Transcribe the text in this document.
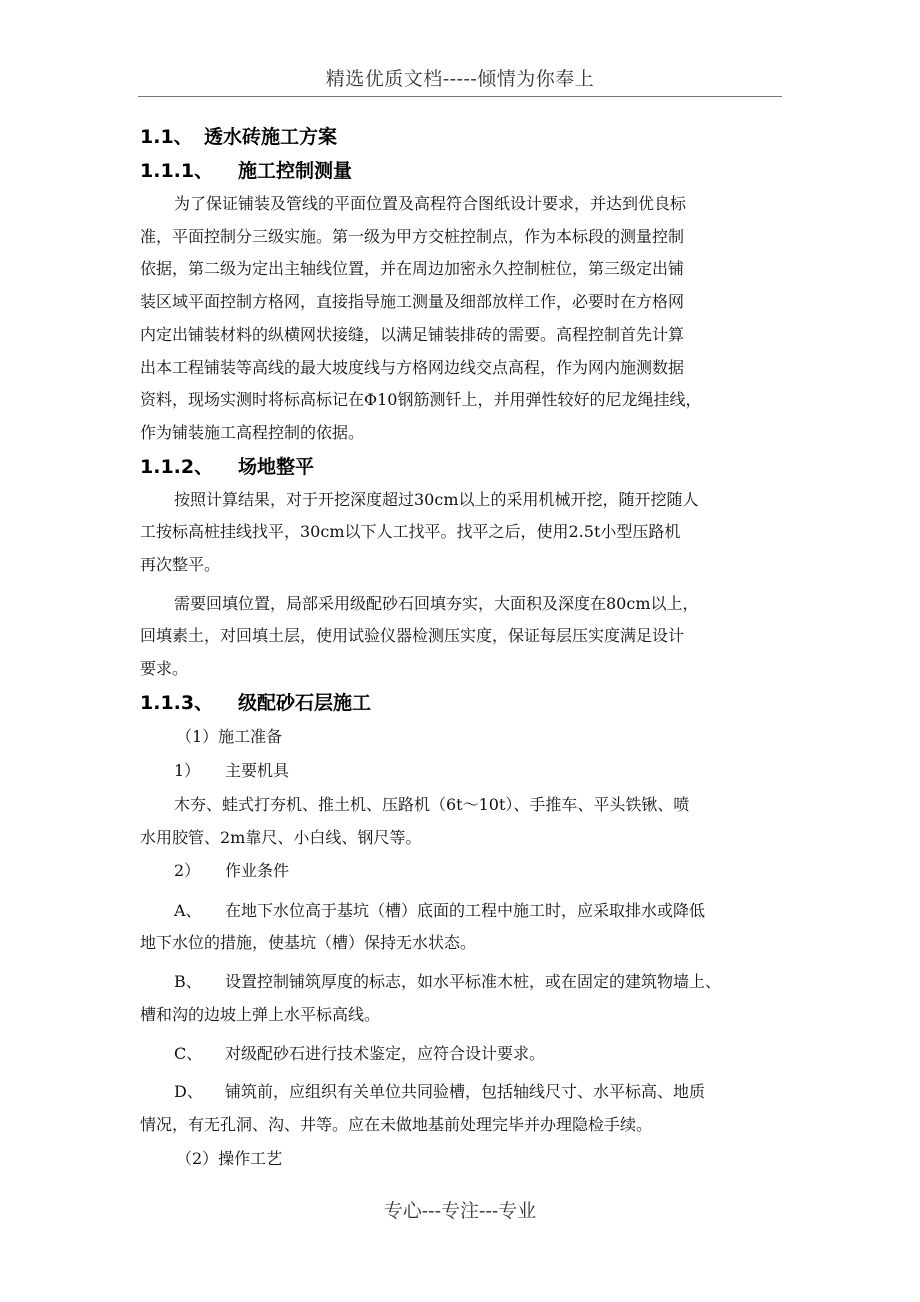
精选优质文档-----倾情为你奉上
1.1、 透水砖施工方案
1.1.1、	施工控制测量
为了保证铺装及管线的平面位置及高程符合图纸设计要求，并达到优良标
准，平面控制分三级实施。第一级为甲方交桩控制点，作为本标段的测量控制
依据，第二级为定出主轴线位置，并在周边加密永久控制桩位，第三级定出铺
装区域平面控制方格网，直接指导施工测量及细部放样工作，必要时在方格网
内定出铺装材料的纵横网状接缝，以满足铺装排砖的需要。高程控制首先计算
出本工程铺装等高线的最大坡度线与方格网边线交点高程，作为网内施测数据
资料，现场实测时将标高标记在Φ10钢筋测钎上，并用弹性较好的尼龙绳挂线，
作为铺装施工高程控制的依据。
1.1.2、	场地整平
按照计算结果，对于开挖深度超过30cm以上的采用机械开挖，随开挖随人
工按标高桩挂线找平，30cm以下人工找平。找平之后，使用2.5t小型压路机
再次整平。
需要回填位置，局部采用级配砂石回填夯实，大面积及深度在80cm以上，
回填素土，对回填土层，使用试验仪器检测压实度，保证每层压实度满足设计
要求。
1.1.3、	级配砂石层施工
（1）施工准备
1） 主要机具
木夯、蛙式打夯机、推土机、压路机（6t～10t）、手推车、平头铁锹、喷
水用胶管、2m靠尺、小白线、钢尺等。
2） 作业条件
A、 在地下水位高于基坑（槽）底面的工程中施工时，应采取排水或降低
地下水位的措施，使基坑（槽）保持无水状态。
B、 设置控制铺筑厚度的标志，如水平标准木桩，或在固定的建筑物墙上、
槽和沟的边坡上弹上水平标高线。
C、 对级配砂石进行技术鉴定，应符合设计要求。
D、 铺筑前，应组织有关单位共同验槽，包括轴线尺寸、水平标高、地质
情况，有无孔洞、沟、井等。应在未做地基前处理完毕并办理隐检手续。
（2）操作工艺
专心---专注---专业
